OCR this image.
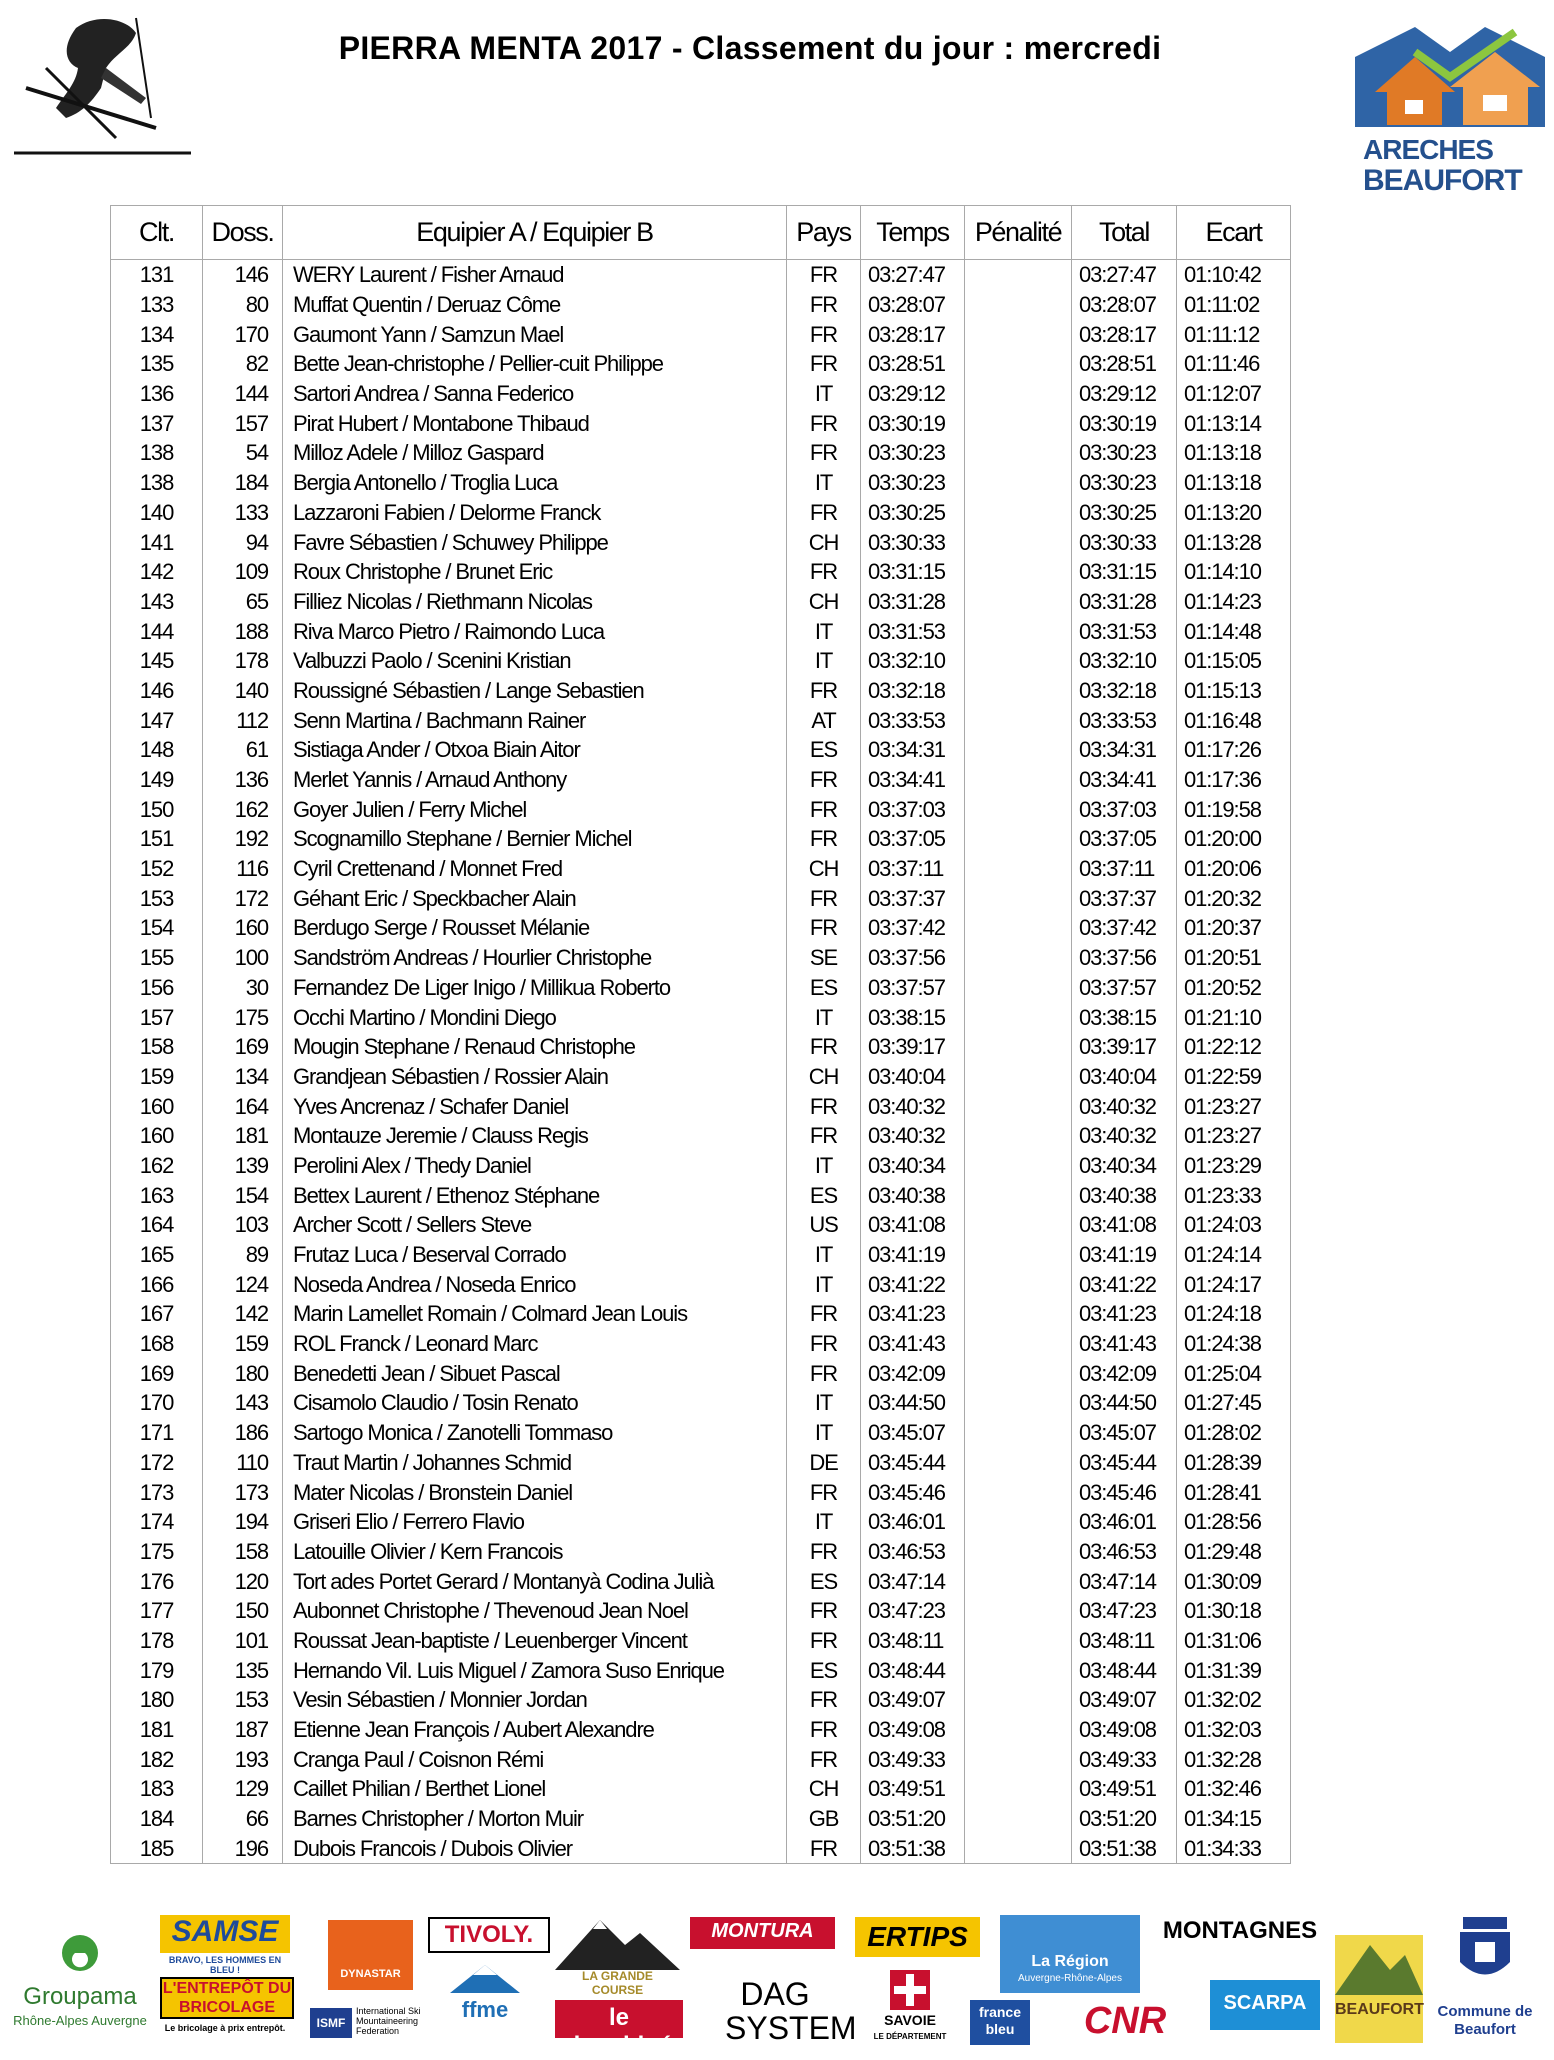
PIERRA MENTA 2017 - Classement du jour : mercredi
ARECHES
BEAUFORT
Clt.	Doss.	Equipier A / Equipier B	Pays	Temps	Pénalité	Total	Ecart
131	146	WERY Laurent / Fisher Arnaud	FR	03:27:47		03:27:47	01:10:42
133	80	Muffat Quentin / Deruaz Côme	FR	03:28:07		03:28:07	01:11:02
134	170	Gaumont Yann / Samzun Mael	FR	03:28:17		03:28:17	01:11:12
135	82	Bette Jean-christophe / Pellier-cuit Philippe	FR	03:28:51		03:28:51	01:11:46
136	144	Sartori Andrea / Sanna Federico	IT	03:29:12		03:29:12	01:12:07
137	157	Pirat Hubert / Montabone Thibaud	FR	03:30:19		03:30:19	01:13:14
138	54	Milloz Adele / Milloz Gaspard	FR	03:30:23		03:30:23	01:13:18
138	184	Bergia Antonello / Troglia Luca	IT	03:30:23		03:30:23	01:13:18
140	133	Lazzaroni Fabien / Delorme Franck	FR	03:30:25		03:30:25	01:13:20
141	94	Favre Sébastien / Schuwey Philippe	CH	03:30:33		03:30:33	01:13:28
142	109	Roux Christophe / Brunet Eric	FR	03:31:15		03:31:15	01:14:10
143	65	Filliez Nicolas / Riethmann Nicolas	CH	03:31:28		03:31:28	01:14:23
144	188	Riva Marco Pietro / Raimondo Luca	IT	03:31:53		03:31:53	01:14:48
145	178	Valbuzzi Paolo / Scenini Kristian	IT	03:32:10		03:32:10	01:15:05
146	140	Roussigné Sébastien / Lange Sebastien	FR	03:32:18		03:32:18	01:15:13
147	112	Senn Martina / Bachmann Rainer	AT	03:33:53		03:33:53	01:16:48
148	61	Sistiaga Ander / Otxoa Biain Aitor	ES	03:34:31		03:34:31	01:17:26
149	136	Merlet Yannis / Arnaud Anthony	FR	03:34:41		03:34:41	01:17:36
150	162	Goyer Julien / Ferry Michel	FR	03:37:03		03:37:03	01:19:58
151	192	Scognamillo Stephane / Bernier Michel	FR	03:37:05		03:37:05	01:20:00
152	116	Cyril Crettenand / Monnet Fred	CH	03:37:11		03:37:11	01:20:06
153	172	Géhant Eric / Speckbacher Alain	FR	03:37:37		03:37:37	01:20:32
154	160	Berdugo Serge / Rousset Mélanie	FR	03:37:42		03:37:42	01:20:37
155	100	Sandström Andreas / Hourlier Christophe	SE	03:37:56		03:37:56	01:20:51
156	30	Fernandez De Liger Inigo / Millikua Roberto	ES	03:37:57		03:37:57	01:20:52
157	175	Occhi Martino / Mondini Diego	IT	03:38:15		03:38:15	01:21:10
158	169	Mougin Stephane / Renaud Christophe	FR	03:39:17		03:39:17	01:22:12
159	134	Grandjean Sébastien / Rossier Alain	CH	03:40:04		03:40:04	01:22:59
160	164	Yves Ancrenaz / Schafer Daniel	FR	03:40:32		03:40:32	01:23:27
160	181	Montauze Jeremie / Clauss Regis	FR	03:40:32		03:40:32	01:23:27
162	139	Perolini Alex / Thedy Daniel	IT	03:40:34		03:40:34	01:23:29
163	154	Bettex Laurent / Ethenoz Stéphane	ES	03:40:38		03:40:38	01:23:33
164	103	Archer Scott / Sellers Steve	US	03:41:08		03:41:08	01:24:03
165	89	Frutaz Luca / Beserval Corrado	IT	03:41:19		03:41:19	01:24:14
166	124	Noseda Andrea / Noseda Enrico	IT	03:41:22		03:41:22	01:24:17
167	142	Marin Lamellet Romain / Colmard Jean Louis	FR	03:41:23		03:41:23	01:24:18
168	159	ROL Franck / Leonard Marc	FR	03:41:43		03:41:43	01:24:38
169	180	Benedetti Jean / Sibuet Pascal	FR	03:42:09		03:42:09	01:25:04
170	143	Cisamolo Claudio / Tosin Renato	IT	03:44:50		03:44:50	01:27:45
171	186	Sartogo Monica / Zanotelli Tommaso	IT	03:45:07		03:45:07	01:28:02
172	110	Traut Martin / Johannes Schmid	DE	03:45:44		03:45:44	01:28:39
173	173	Mater Nicolas / Bronstein Daniel	FR	03:45:46		03:45:46	01:28:41
174	194	Griseri Elio / Ferrero Flavio	IT	03:46:01		03:46:01	01:28:56
175	158	Latouille Olivier / Kern Francois	FR	03:46:53		03:46:53	01:29:48
176	120	Tort ades Portet Gerard / Montanyà Codina Julià	ES	03:47:14		03:47:14	01:30:09
177	150	Aubonnet Christophe / Thevenoud Jean Noel	FR	03:47:23		03:47:23	01:30:18
178	101	Roussat Jean-baptiste / Leuenberger Vincent	FR	03:48:11		03:48:11	01:31:06
179	135	Hernando Vil. Luis Miguel / Zamora Suso Enrique	ES	03:48:44		03:48:44	01:31:39
180	153	Vesin Sébastien / Monnier Jordan	FR	03:49:07		03:49:07	01:32:02
181	187	Etienne Jean François / Aubert Alexandre	FR	03:49:08		03:49:08	01:32:03
182	193	Cranga Paul / Coisnon Rémi	FR	03:49:33		03:49:33	01:32:28
183	129	Caillet Philian / Berthet Lionel	CH	03:49:51		03:49:51	01:32:46
184	66	Barnes Christopher / Morton Muir	GB	03:51:20		03:51:20	01:34:15
185	196	Dubois Francois / Dubois Olivier	FR	03:51:38		03:51:38	01:34:33
Groupama
Rhône-Alpes Auvergne
SAMSE
BRAVO, LES HOMMES EN BLEU !
L'ENTREPÔT DU BRICOLAGE
Le bricolage à prix entrepôt.
DYNASTAR
ISMF
International Ski Mountaineering Federation
TIVOLY.
ffme
LA GRANDE COURSE
le dauphiné
MONTURA
DAG SYSTEM
ERTIPS
SAVOIE
LE DÉPARTEMENT
La Région
Auvergne-Rhône-Alpes
france bleu	CNR
MONTAGNES
SCARPA	BEAUFORT Commune de Beaufort
